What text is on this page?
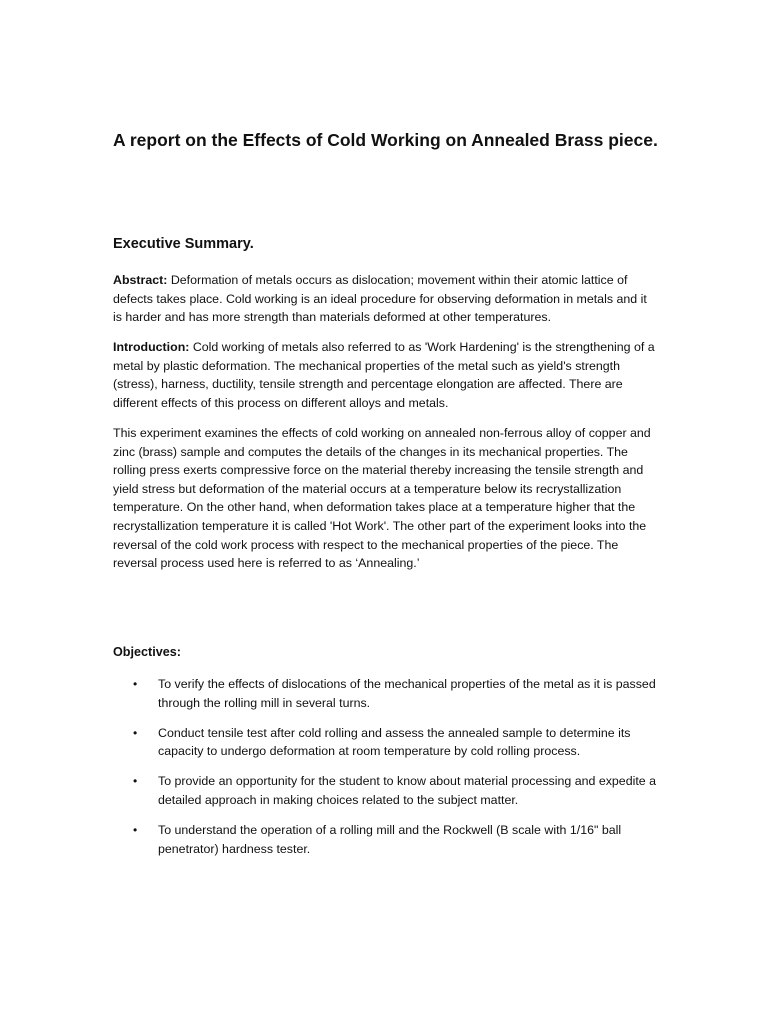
A report on the Effects of Cold Working on Annealed Brass piece.
Executive Summary.

Abstract: Deformation of metals occurs as dislocation; movement within their atomic lattice of defects takes place. Cold working is an ideal procedure for observing deformation in metals and it is harder and has more strength than materials deformed at other temperatures.

Introduction: Cold working of metals also referred to as 'Work Hardening' is the strengthening of a metal by plastic deformation. The mechanical properties of the metal such as yield's strength (stress), harness, ductility, tensile strength and percentage elongation are affected. There are different effects of this process on different alloys and metals.

This experiment examines the effects of cold working on annealed non-ferrous alloy of copper and zinc (brass) sample and computes the details of the changes in its mechanical properties. The rolling press exerts compressive force on the material thereby increasing the tensile strength and yield stress but deformation of the material occurs at a temperature below its recrystallization temperature. On the other hand, when deformation takes place at a temperature higher that the recrystallization temperature it is called 'Hot Work'. The other part of the experiment looks into the reversal of the cold work process with respect to the mechanical properties of the piece. The reversal process used here is referred to as ‘Annealing.’

Objectives:
• To verify the effects of dislocations of the mechanical properties of the metal as it is passed through the rolling mill in several turns.
• Conduct tensile test after cold rolling and assess the annealed sample to determine its capacity to undergo deformation at room temperature by cold rolling process.
• To provide an opportunity for the student to know about material processing and expedite a detailed approach in making choices related to the subject matter.
• To understand the operation of a rolling mill and the Rockwell (B scale with 1/16" ball penetrator) hardness tester.
